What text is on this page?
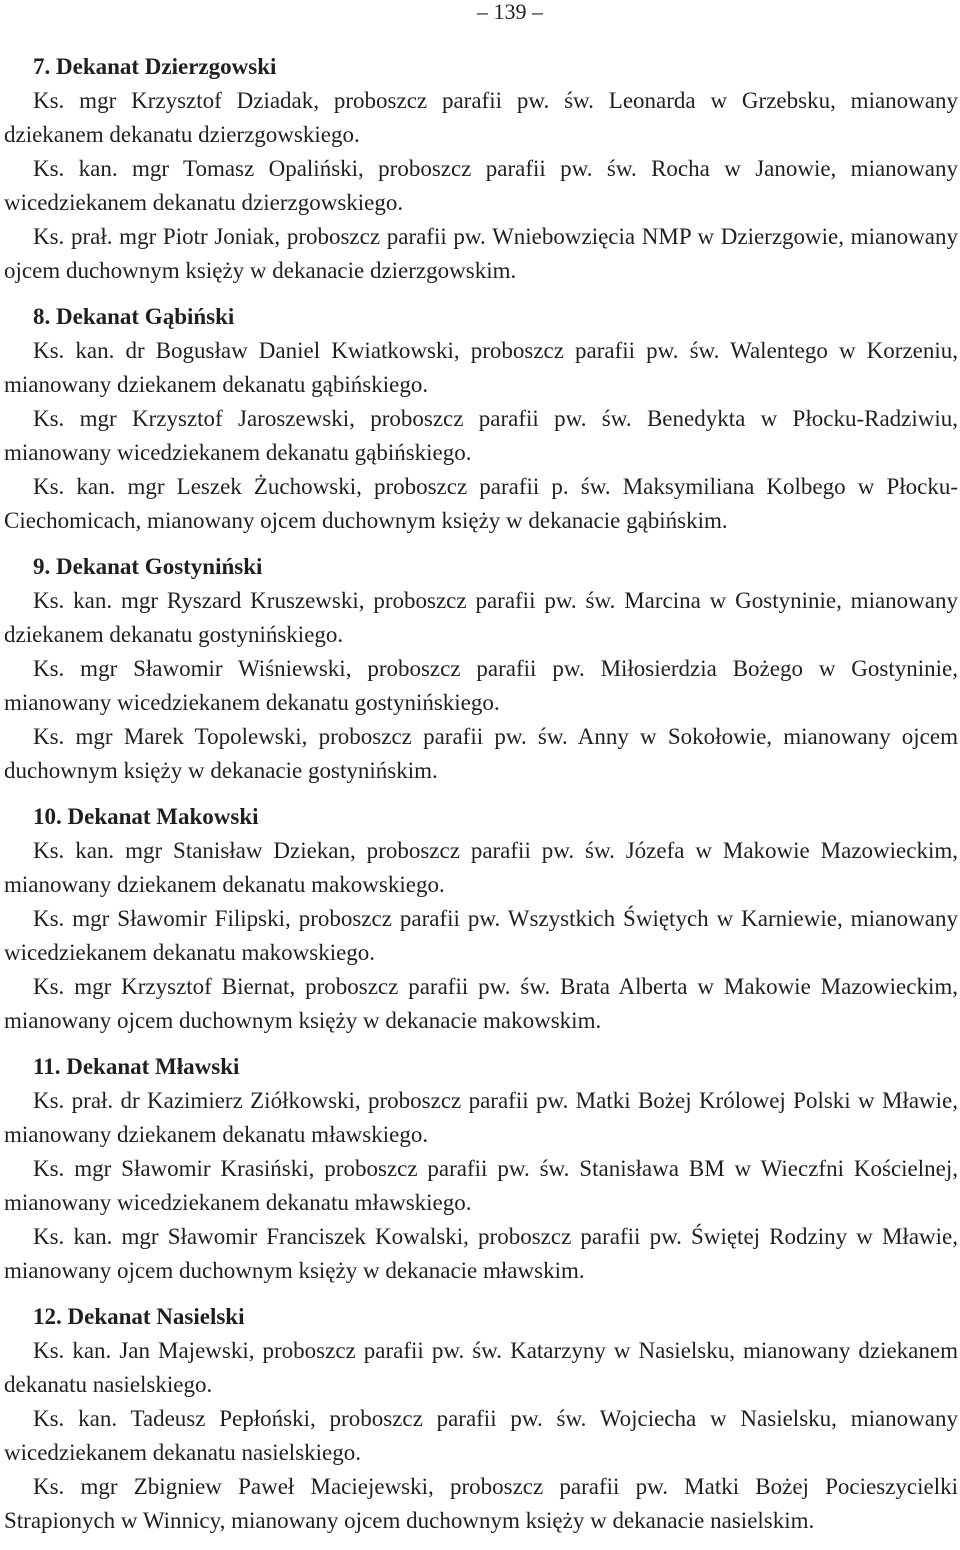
– 139 –

7. Dekanat Dzierzgowski

Ks. mgr Krzysztof Dziadak, proboszcz parafii pw. św. Leonarda w Grzebsku, mianowany dziekanem dekanatu dzierzgowskiego.

Ks. kan. mgr Tomasz Opaliński, proboszcz parafii pw. św. Rocha w Janowie, mianowany wicedziekanem dekanatu dzierzgowskiego.

Ks. prał. mgr Piotr Joniak, proboszcz parafii pw. Wniebowzięcia NMP w Dzierzgowie, mianowany ojcem duchownym księży w dekanacie dzierzgowskim.

8. Dekanat Gąbiński

Ks. kan. dr Bogusław Daniel Kwiatkowski, proboszcz parafii pw. św. Walentego w Korzeniu, mianowany dziekanem dekanatu gąbińskiego.

Ks. mgr Krzysztof Jaroszewski, proboszcz parafii pw. św. Benedykta w Płocku-Radziwiu, mianowany wicedziekanem dekanatu gąbińskiego.

Ks. kan. mgr Leszek Żuchowski, proboszcz parafii p. św. Maksymiliana Kolbego w Płocku-Ciechomicach, mianowany ojcem duchownym księży w dekanacie gąbińskim.

9. Dekanat Gostyniński

Ks. kan. mgr Ryszard Kruszewski, proboszcz parafii pw. św. Marcina w Gostyninie, mianowany dziekanem dekanatu gostynińskiego.

Ks. mgr Sławomir Wiśniewski, proboszcz parafii pw. Miłosierdzia Bożego w Gostyninie, mianowany wicedziekanem dekanatu gostynińskiego.

Ks. mgr Marek Topolewski, proboszcz parafii pw. św. Anny w Sokołowie, mianowany ojcem duchownym księży w dekanacie gostynińskim.

10. Dekanat Makowski

Ks. kan. mgr Stanisław Dziekan, proboszcz parafii pw. św. Józefa w Makowie Mazowieckim, mianowany dziekanem dekanatu makowskiego.

Ks. mgr Sławomir Filipski, proboszcz parafii pw. Wszystkich Świętych w Karniewie, mianowany wicedziekanem dekanatu makowskiego.

Ks. mgr Krzysztof Biernat, proboszcz parafii pw. św. Brata Alberta w Makowie Mazowieckim, mianowany ojcem duchownym księży w dekanacie makowskim.

11. Dekanat Mławski

Ks. prał. dr Kazimierz Ziółkowski, proboszcz parafii pw. Matki Bożej Królowej Polski w Mławie, mianowany dziekanem dekanatu mławskiego.

Ks. mgr Sławomir Krasiński, proboszcz parafii pw. św. Stanisława BM w Wieczfni Kościelnej, mianowany wicedziekanem dekanatu mławskiego.

Ks. kan. mgr Sławomir Franciszek Kowalski, proboszcz parafii pw. Świętej Rodziny w Mławie, mianowany ojcem duchownym księży w dekanacie mławskim.

12. Dekanat Nasielski

Ks. kan. Jan Majewski, proboszcz parafii pw. św. Katarzyny w Nasielsku, mianowany dziekanem dekanatu nasielskiego.

Ks. kan. Tadeusz Pepłoński, proboszcz parafii pw. św. Wojciecha w Nasielsku, mianowany wicedziekanem dekanatu nasielskiego.

Ks. mgr Zbigniew Paweł Maciejewski, proboszcz parafii pw. Matki Bożej Pocieszycielki Strapionych w Winnicy, mianowany ojcem duchownym księży w dekanacie nasielskim.
